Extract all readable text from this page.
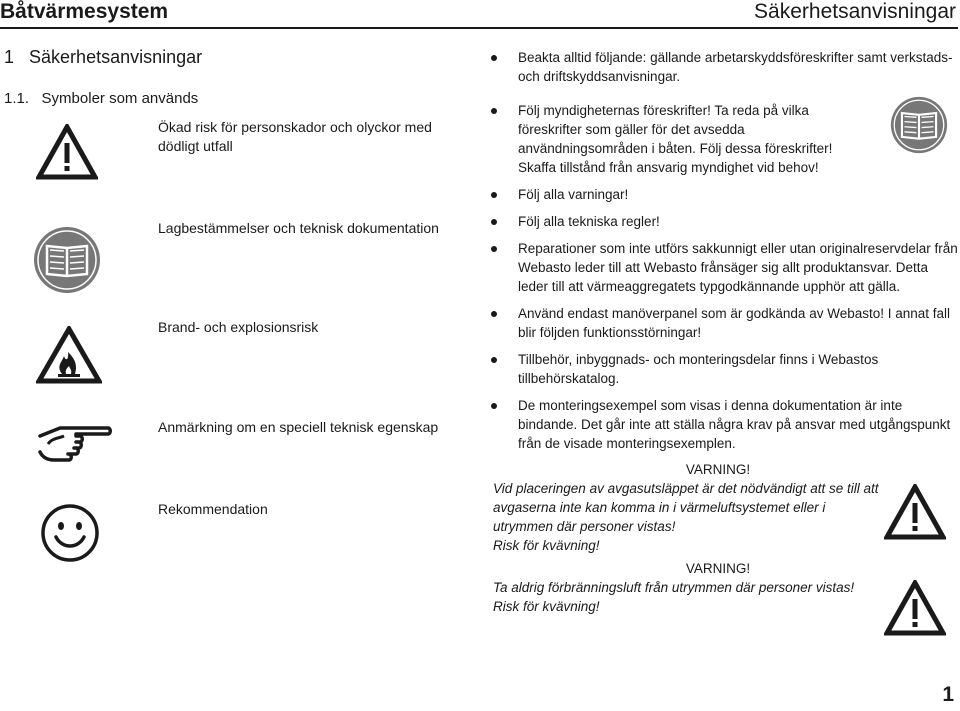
Båtvärmesystem	Säkerhetsanvisningar
1 Säkerhetsanvisningar
1.1. Symboler som används
Ökad risk för personskador och olyckor med dödligt utfall
Lagbestämmelser och teknisk dokumentation
Brand- och explosionsrisk
Anmärkning om en speciell teknisk egenskap
Rekommendation
Beakta alltid följande: gällande arbetarskyddsföreskrifter samt verkstads- och driftskyddsanvisningar.
Följ myndigheternas föreskrifter! Ta reda på vilka föreskrifter som gäller för det avsedda användningsområden i båten. Följ dessa föreskrifter! Skaffa tillstånd från ansvarig myndighet vid behov!
Följ alla varningar!
Följ alla tekniska regler!
Reparationer som inte utförs sakkunnigt eller utan originalreservdelar från Webasto leder till att Webasto frånsäger sig allt produktansvar. Detta leder till att värmeaggregatets typgodkännande upphör att gälla.
Använd endast manöverpanel som är godkända av Webasto! I annat fall blir följden funktionsstörningar!
Tillbehör, inbyggnads- och monteringsdelar finns i Webastos tillbehörskatalog.
De monteringsexempel som visas i denna dokumentation är inte bindande. Det går inte att ställa några krav på ansvar med utgångspunkt från de visade monteringsexemplen.
VARNING!
Vid placeringen av avgasutsläppet är det nödvändigt att se till att avgaserna inte kan komma in i värmeluftsystemet eller i utrymmen där personer vistas!
Risk för kvävning!
VARNING!
Ta aldrig förbränningsluft från utrymmen där personer vistas!
Risk för kvävning!
1
